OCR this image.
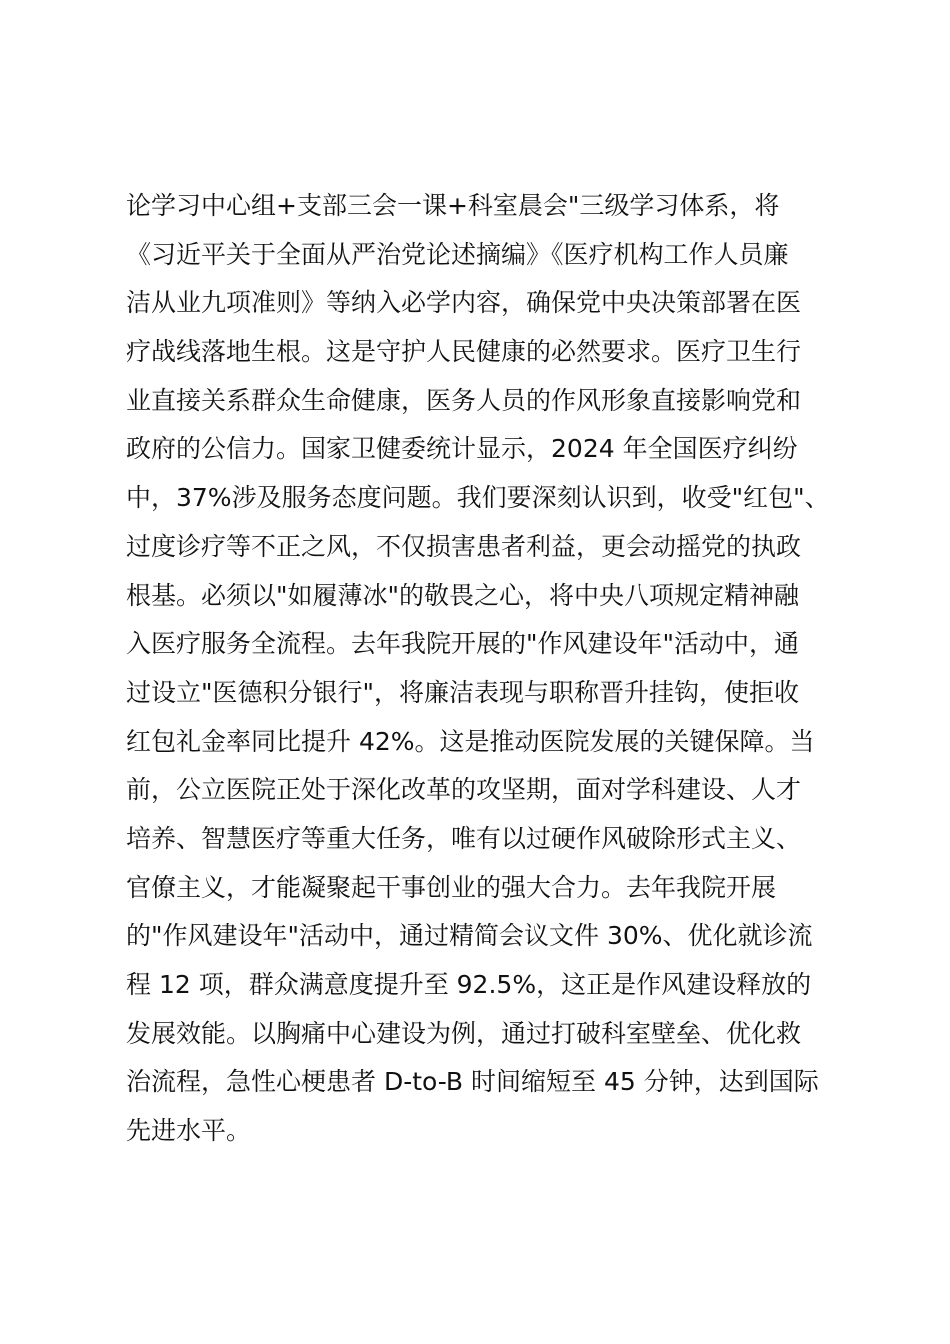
论学习中心组+支部三会一课+科室晨会"三级学习体系，将
《习近平关于全面从严治党论述摘编》《医疗机构工作人员廉
洁从业九项准则》等纳入必学内容，确保党中央决策部署在医
疗战线落地生根。这是守护人民健康的必然要求。医疗卫生行
业直接关系群众生命健康，医务人员的作风形象直接影响党和
政府的公信力。国家卫健委统计显示，2024 年全国医疗纠纷
中，37%涉及服务态度问题。我们要深刻认识到，收受"红包"、
过度诊疗等不正之风，不仅损害患者利益，更会动摇党的执政
根基。必须以"如履薄冰"的敬畏之心，将中央八项规定精神融
入医疗服务全流程。去年我院开展的"作风建设年"活动中，通
过设立"医德积分银行"，将廉洁表现与职称晋升挂钩，使拒收
红包礼金率同比提升 42%。这是推动医院发展的关键保障。当
前，公立医院正处于深化改革的攻坚期，面对学科建设、人才
培养、智慧医疗等重大任务，唯有以过硬作风破除形式主义、
官僚主义，才能凝聚起干事创业的强大合力。去年我院开展
的"作风建设年"活动中，通过精简会议文件 30%、优化就诊流
程 12 项，群众满意度提升至 92.5%，这正是作风建设释放的
发展效能。以胸痛中心建设为例，通过打破科室壁垒、优化救
治流程，急性心梗患者 D-to-B 时间缩短至 45 分钟，达到国际
先进水平。
